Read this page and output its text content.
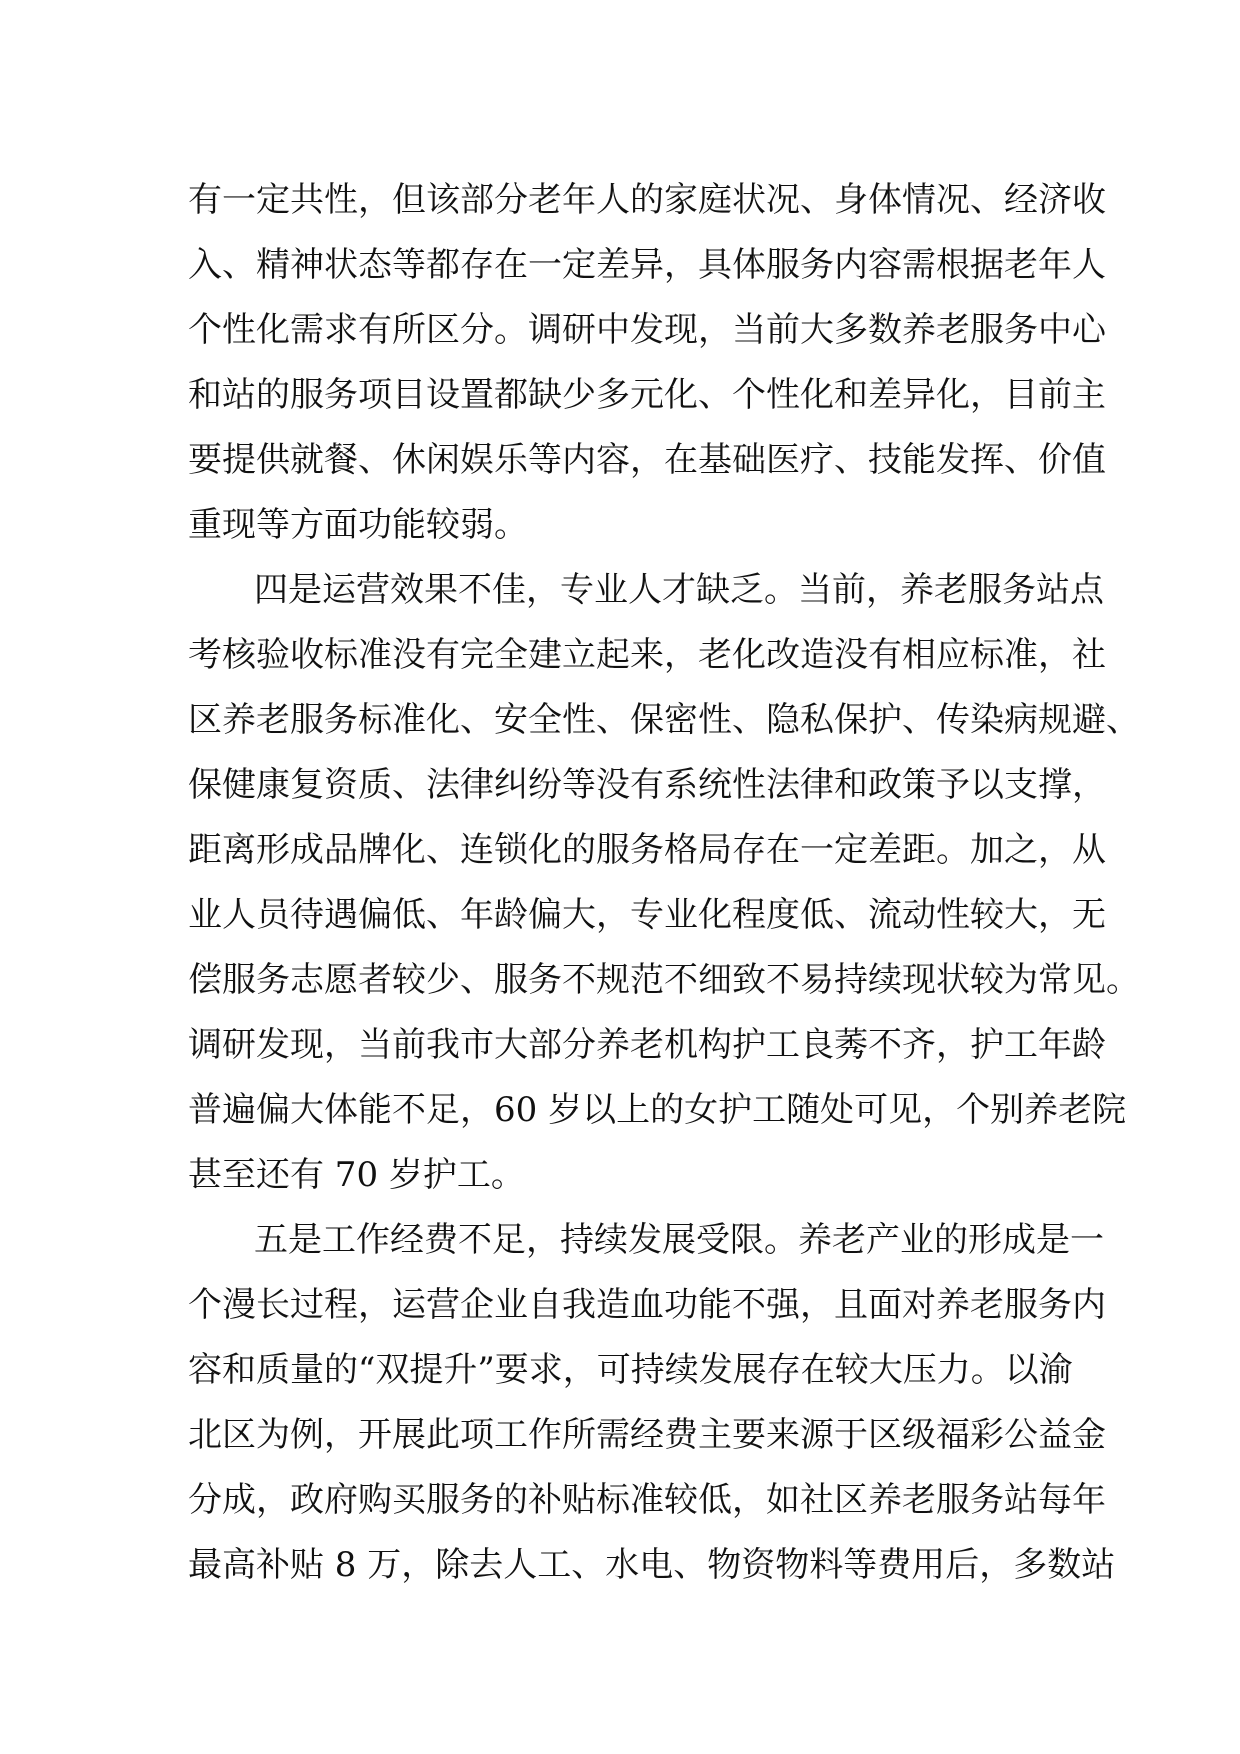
有一定共性，但该部分老年人的家庭状况、身体情况、经济收
入、精神状态等都存在一定差异，具体服务内容需根据老年人
个性化需求有所区分。调研中发现，当前大多数养老服务中心
和站的服务项目设置都缺少多元化、个性化和差异化，目前主
要提供就餐、休闲娱乐等内容，在基础医疗、技能发挥、价值
重现等方面功能较弱。
四是运营效果不佳，专业人才缺乏。当前，养老服务站点
考核验收标准没有完全建立起来，老化改造没有相应标准，社
区养老服务标准化、安全性、保密性、隐私保护、传染病规避、
保健康复资质、法律纠纷等没有系统性法律和政策予以支撑，
距离形成品牌化、连锁化的服务格局存在一定差距。加之，从
业人员待遇偏低、年龄偏大，专业化程度低、流动性较大，无
偿服务志愿者较少、服务不规范不细致不易持续现状较为常见。
调研发现，当前我市大部分养老机构护工良莠不齐，护工年龄
普遍偏大体能不足，60 岁以上的女护工随处可见，个别养老院
甚至还有 70 岁护工。
五是工作经费不足，持续发展受限。养老产业的形成是一
个漫长过程，运营企业自我造血功能不强，且面对养老服务内
容和质量的“双提升”要求，可持续发展存在较大压力。以渝
北区为例，开展此项工作所需经费主要来源于区级福彩公益金
分成，政府购买服务的补贴标准较低，如社区养老服务站每年
最高补贴 8 万，除去人工、水电、物资物料等费用后，多数站
